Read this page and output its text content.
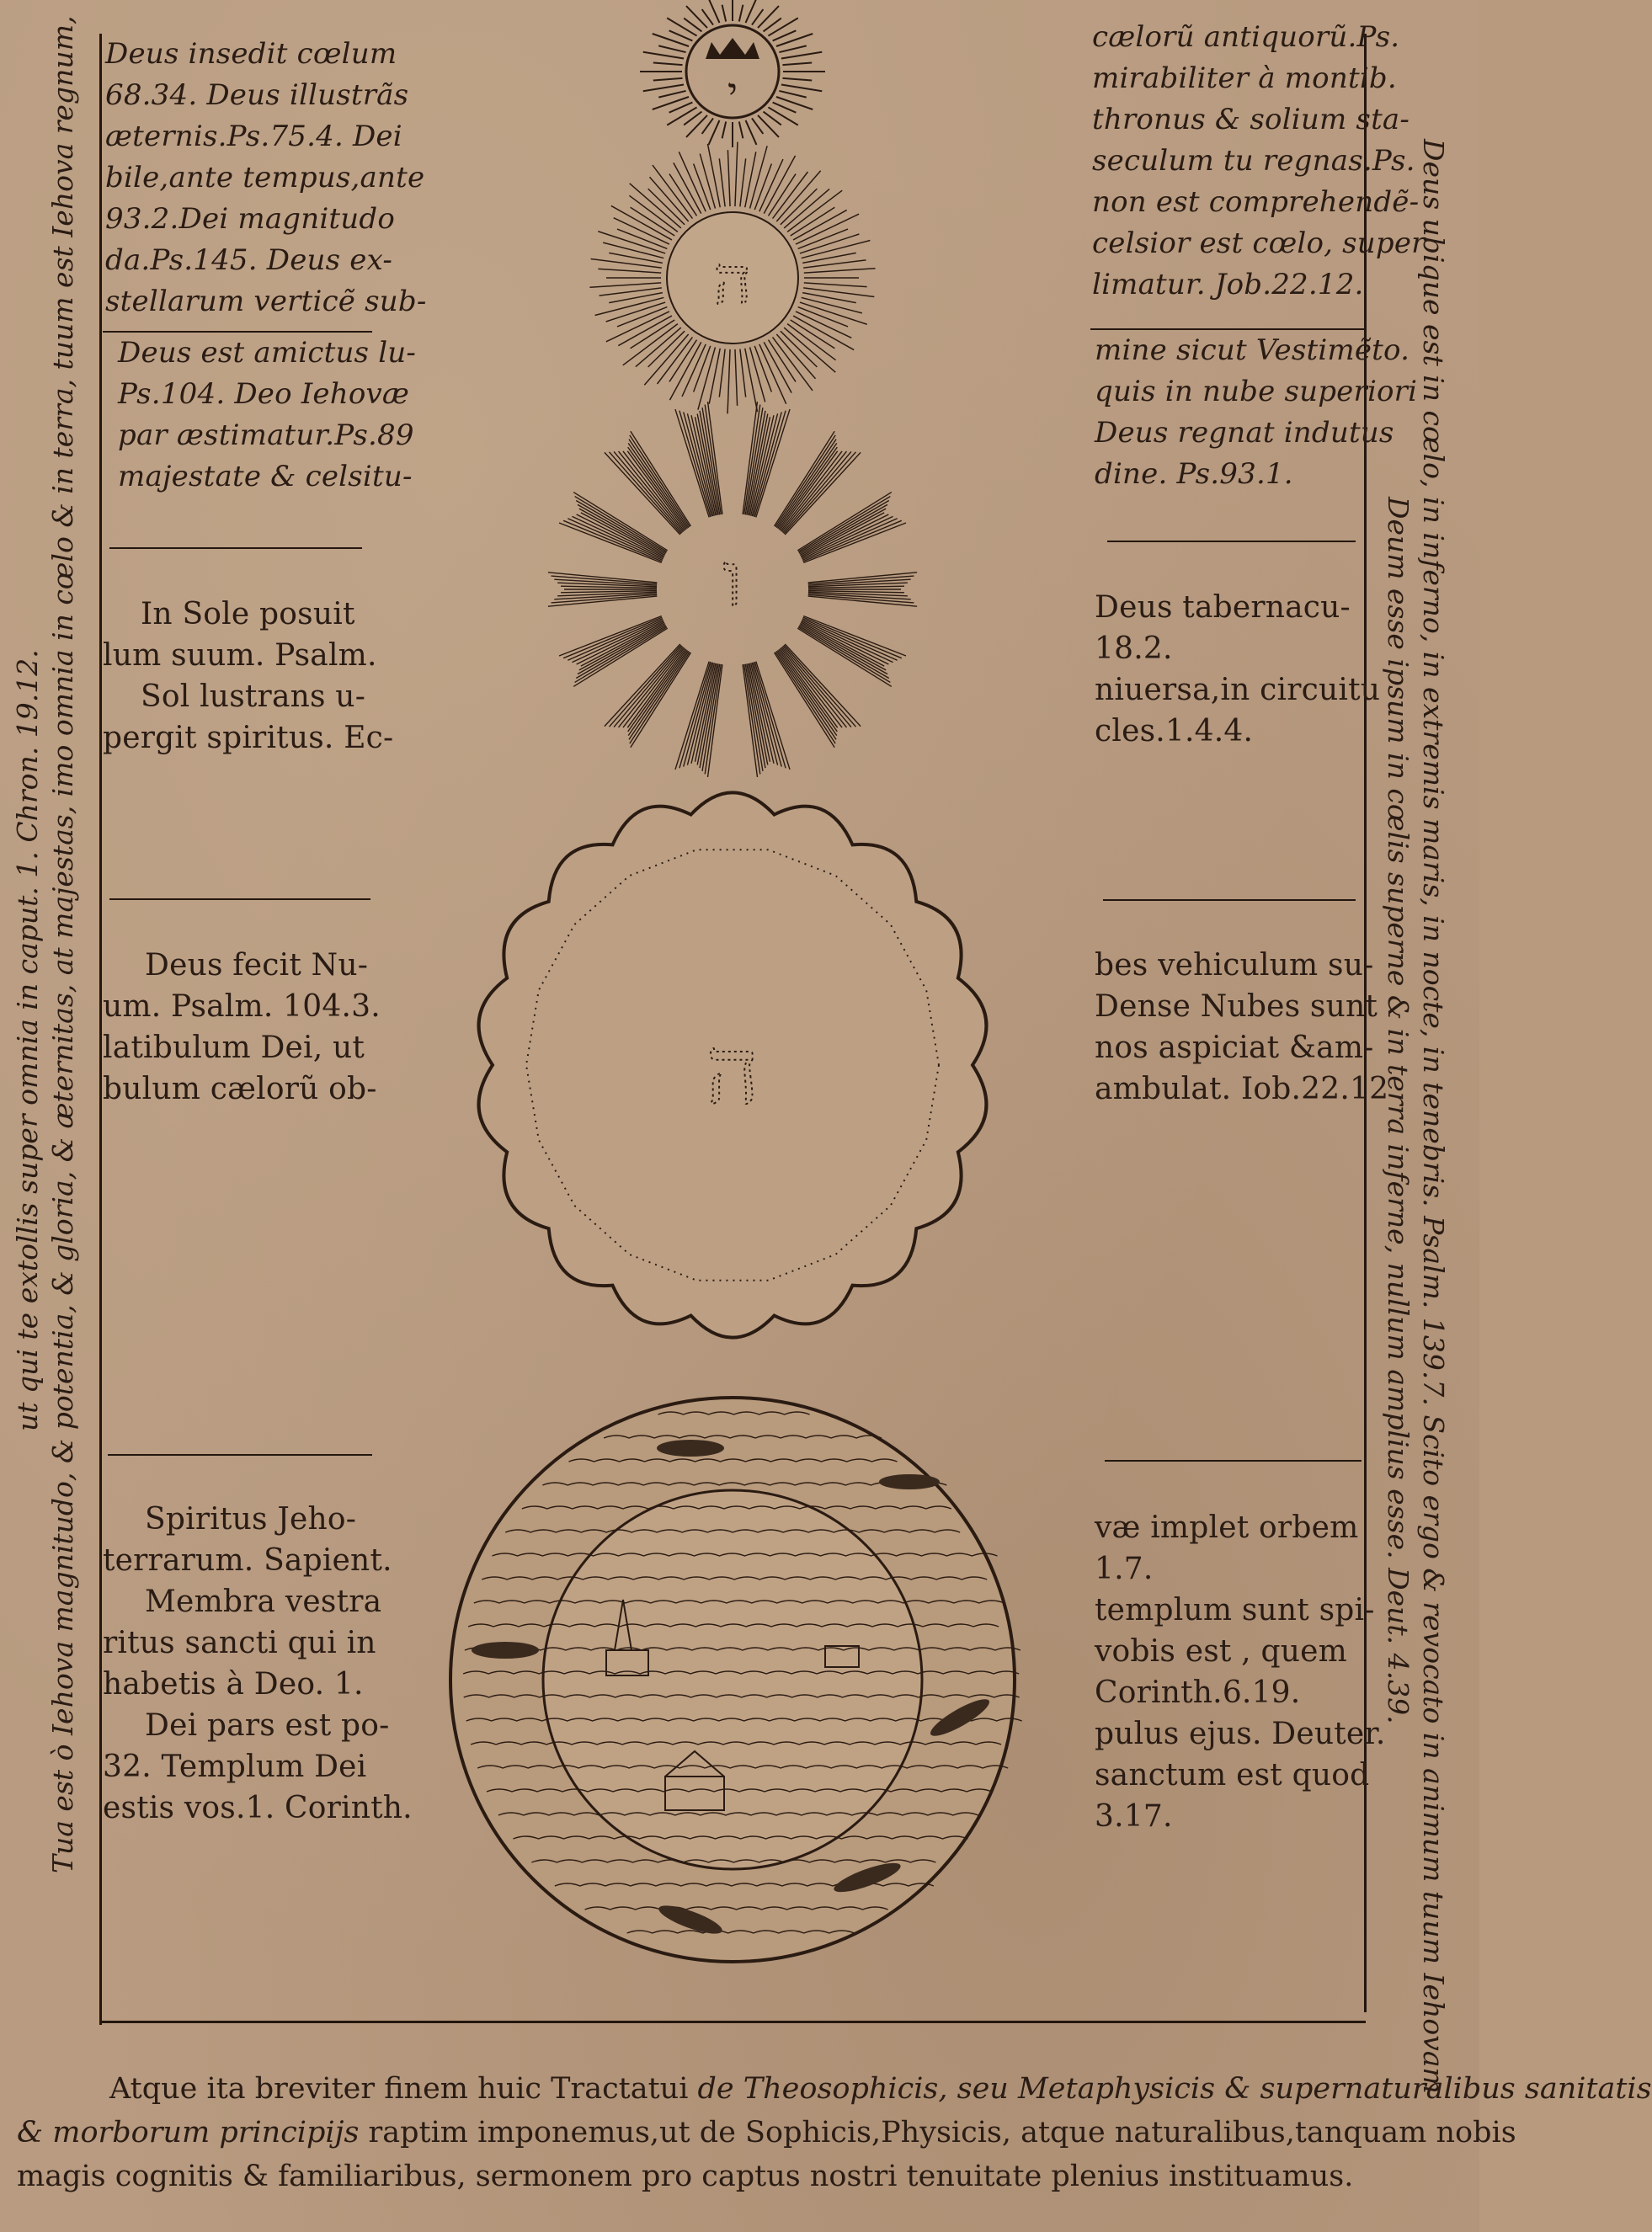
Deus insedit cœlum
68.34. Deus illustrãs
æternis.Ps.75.4. Dei
bile,ante tempus,ante
93.2.Dei magnitudo
da.Ps.145. Deus ex-
stellarum verticẽ sub-
Deus est amictus lu-
Ps.104. Deo Iehovæ
par æstimatur.Ps.89
majestate & celsitu-
In Sole posuit
lum suum. Psalm.
Sol lustrans u-
pergit spiritus. Ec-
Deus fecit Nu-
um. Psalm. 104.3.
latibulum Dei, ut
bulum cælorũ ob-
Spiritus Jeho-
terrarum. Sapient.
Membra vestra
ritus sancti qui in
habetis à Deo. 1.
Dei pars est po-
32. Templum Dei
estis vos.1. Corinth.
cælorũ antiquorũ.Ps.
mirabiliter à montib.
thronus & solium sta-
seculum tu regnas.Ps.
non est comprehendẽ-
celsior est cœlo, super
limatur. Job.22.12.
mine sicut Vestimẽto.
quis in nube superiori
Deus regnat indutus
dine. Ps.93.1.
Deus tabernacu-
18.2.
niuersa,in circuitu
cles.1.4.4.
bes vehiculum su-
Dense Nubes sunt
nos aspiciat &am-
ambulat. Iob.22.12
væ implet orbem
1.7.
templum sunt spi-
vobis est , quem
Corinth.6.19.
pulus ejus. Deuter.
sanctum est quod
3.17.
Tua est ò Iehova magnitudo, & potentia, & gloria, & æternitas, at majestas, imo omnia in cœlo & in terra, tuum est Iehova regnum,
ut qui te extollis super omnia in caput. 1. Chron. 19.12.	Deus ubique est in cœlo, in inferno, in extremis maris, in nocte, in tenebris. Psalm. 139.7. Scito ergo & revocato in animum tuum Iehovam
Deum esse ipsum in cœlis superne & in terra inferne, nullum amplius esse. Deut. 4.39.
י
ה
ו
ה
Atque ita breviter finem huic Tractatui de Theosophicis, seu Metaphysicis & supernaturalibus sanitatis
& morborum principijs raptim imponemus,ut de Sophicis,Physicis, atque naturalibus,tanquam nobis
magis cognitis & familiaribus, sermonem pro captus nostri tenuitate plenius instituamus.
